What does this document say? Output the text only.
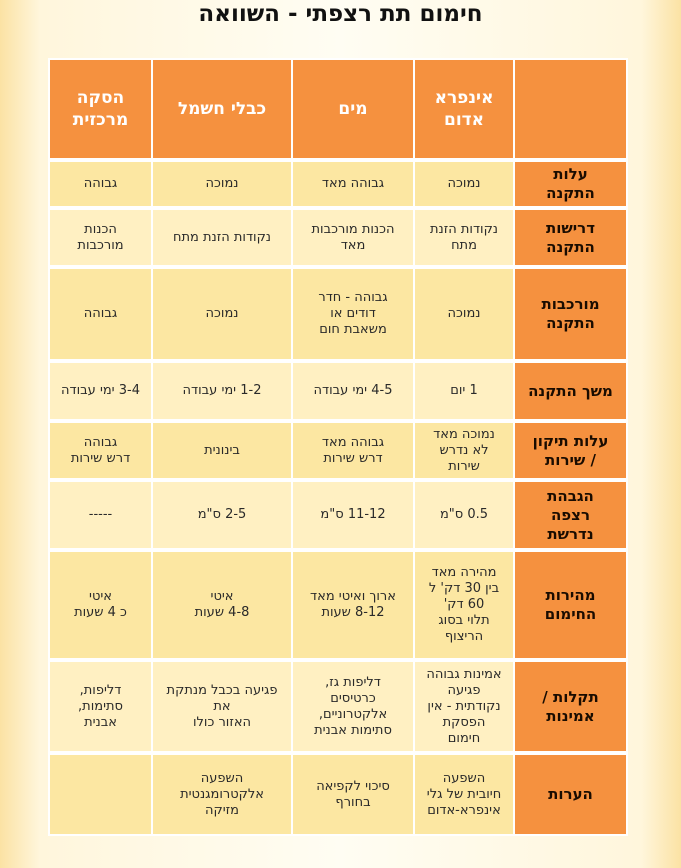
חימום תת רצפתי - השוואה
אינפרא
אדום
מים
כבלי חשמל
הסקה
מרכזית
עלות
התקנה
נמוכה
גבוהה מאד
נמוכה
גבוהה
דרישות
התקנה
נקודות הזנת
מתח
הכנות מורכבות
מאד
נקודות הזנת מתח
הכנות
מורכבות
מורכבות
התקנה
נמוכה
גבוהה - חדר
דודים או
משאבת חום
נמוכה
גבוהה
משך התקנה
1 יום
4-5 ימי עבודה
1-2 ימי עבודה
3-4 ימי עבודה
עלות תיקון
/ שירות
נמוכה מאד
לא נדרש
שירות
גבוהה מאד
דרש שירות
בינונית
גבוהה
דרש שירות
הגבהת
רצפה
נדרשת
0.5 ס"מ
11-12 ס"מ
2-5 ס"מ
-----
מהירות
החימום
מהירה מאד
בין 30 דק' ל
60 דק'
תלוי בסוג
הריצוף
ארוך ואיטי מאד
8-12 שעות
איטי
4-8 שעות
איטי
כ 4 שעות
תקלות /
אמינות
אמינות גבוהה
פגיעה
נקודתית - אין
הפסקת
חימום
דליפות גז,
כרטיסים
אלקטרוניים,
סתימות אבנית
פגיעה בכבל מנתקת
את
האזור כולו
דליפות,
סתימות,
אבנית
הערות
השפעה
חיובית של גלי
אינפרא-אדום
סיכוי לקפיאה
בחורף
השפעה
אלקטרומגנטית
מזיקה
